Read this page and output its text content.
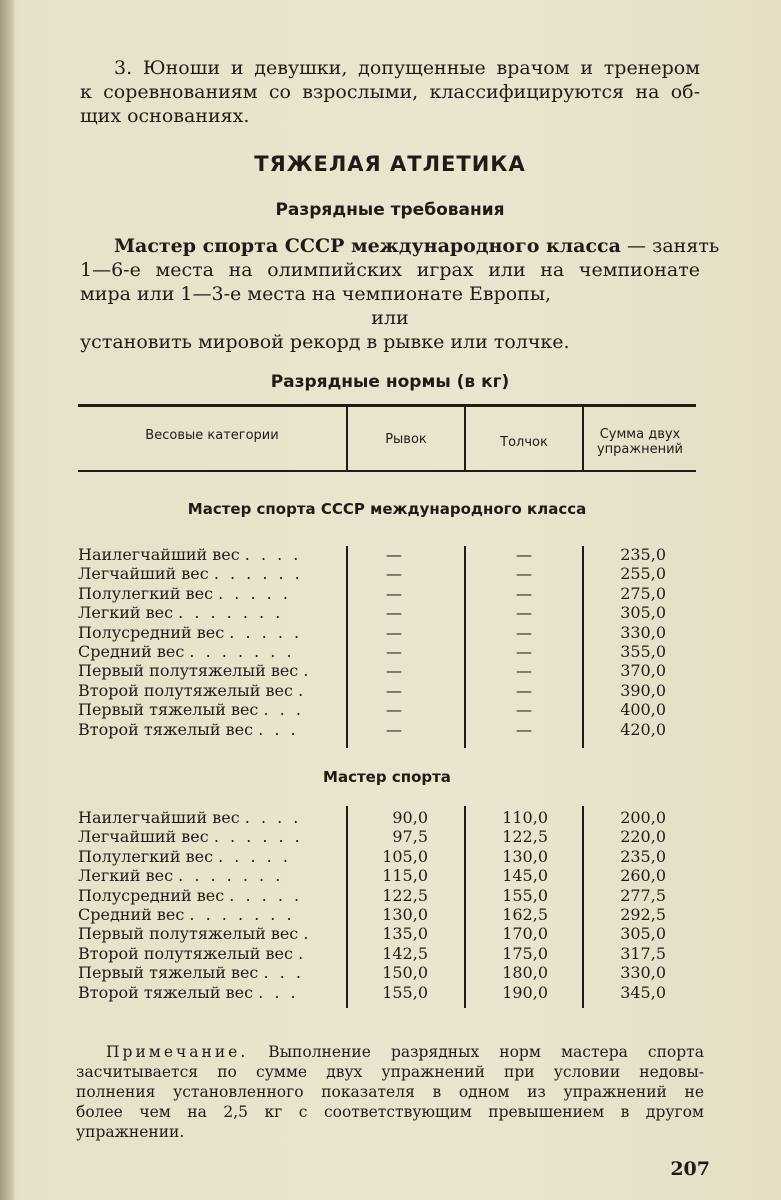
3. Юноши и девушки, допущенные врачом и тренером
к соревнованиям со взрослыми, классифицируются на об-
щих основаниях.
ТЯЖЕЛАЯ АТЛЕТИКА
Разрядные требования
Мастер спорта СССР международного класса — занять
1—6-е места на олимпийских играх или на чемпионате
мира или 1—3-е места на чемпионате Европы,
или
установить мировой рекорд в рывке или толчке.
Разрядные нормы (в кг)
Весовые категории	Рывок	Толчок
Сумма двух
упражнений
Мастер спорта СССР международного класса
Наилегчайший вес . . . .	—	—	235,0
Легчайший вес . . . . . .	—	—	255,0
Полулегкий вес . . . . .	—	—	275,0
Легкий вес . . . . . . .	—	—	305,0
Полусредний вес . . . . .	—	—	330,0
Средний вес . . . . . . .	—	—	355,0
Первый полутяжелый вес .	—	—	370,0
Второй полутяжелый вес .	—	—	390,0
Первый тяжелый вес . . .	—	—	400,0
Второй тяжелый вес . . .	—	—	420,0
Мастер спорта
Наилегчайший вес . . . .	90,0	110,0	200,0
Легчайший вес . . . . . .	97,5	122,5	220,0
Полулегкий вес . . . . .	105,0	130,0	235,0
Легкий вес . . . . . . .	115,0	145,0	260,0
Полусредний вес . . . . .	122,5	155,0	277,5
Средний вес . . . . . . .	130,0	162,5	292,5
Первый полутяжелый вес .	135,0	170,0	305,0
Второй полутяжелый вес .	142,5	175,0	317,5
Первый тяжелый вес . . .	150,0	180,0	330,0
Второй тяжелый вес . . .	155,0	190,0	345,0
Примечание. Выполнение разрядных норм мастера спорта
засчитывается по сумме двух упражнений при условии недовы-
полнения установленного показателя в одном из упражнений не
более чем на 2,5 кг с соответствующим превышением в другом
упражнении.
207
